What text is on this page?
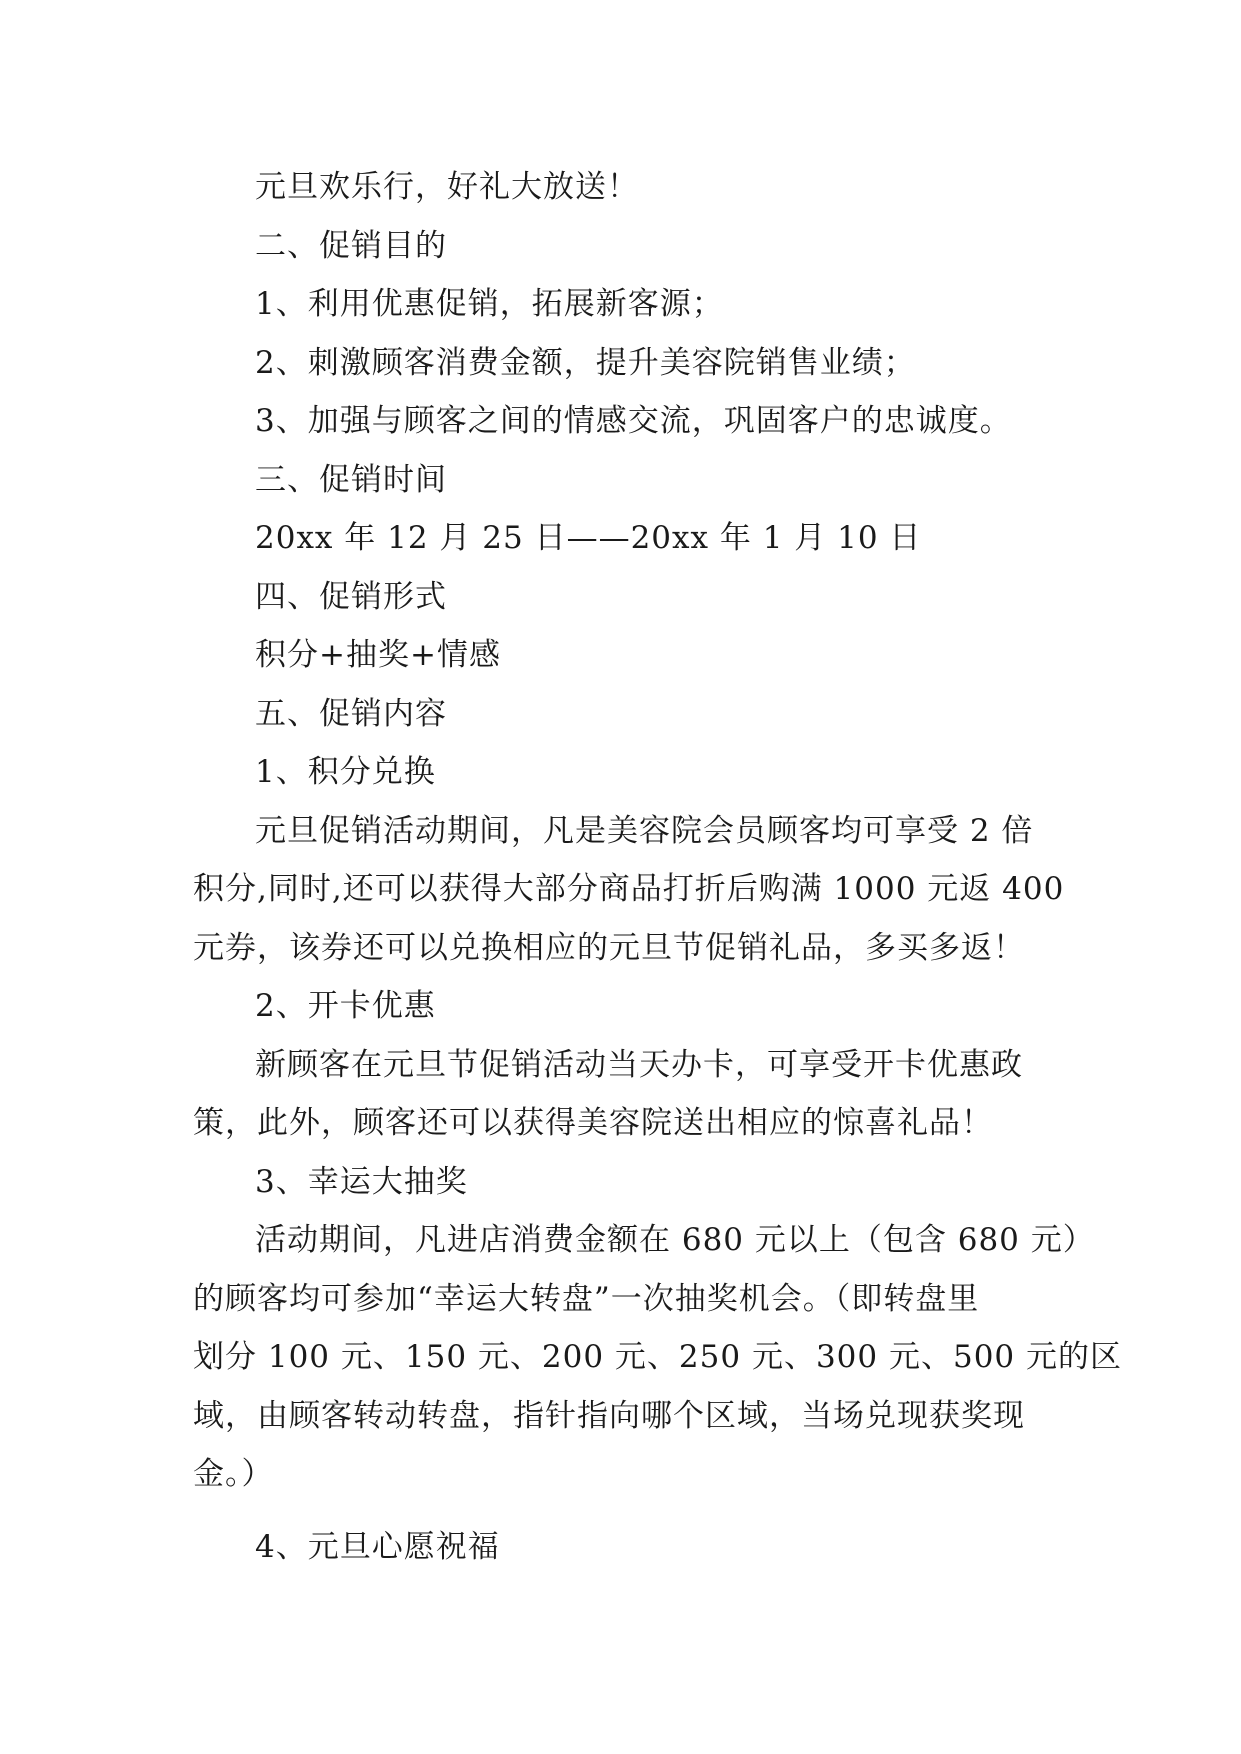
元旦欢乐行，好礼大放送！
二、促销目的
1、利用优惠促销，拓展新客源；
2、刺激顾客消费金额，提升美容院销售业绩；
3、加强与顾客之间的情感交流，巩固客户的忠诚度。
三、促销时间
20xx 年 12 月 25 日——20xx 年 1 月 10 日
四、促销形式
积分+抽奖+情感
五、促销内容
1、积分兑换
元旦促销活动期间，凡是美容院会员顾客均可享受 2 倍
积分,同时,还可以获得大部分商品打折后购满 1000 元返 400
元券，该券还可以兑换相应的元旦节促销礼品，多买多返！
2、开卡优惠
新顾客在元旦节促销活动当天办卡，可享受开卡优惠政
策，此外，顾客还可以获得美容院送出相应的惊喜礼品！
3、幸运大抽奖
活动期间，凡进店消费金额在 680 元以上（包含 680 元）
的顾客均可参加“幸运大转盘”一次抽奖机会。（即转盘里
划分 100 元、150 元、200 元、250 元、300 元、500 元的区
域，由顾客转动转盘，指针指向哪个区域，当场兑现获奖现
金。）
4、元旦心愿祝福
